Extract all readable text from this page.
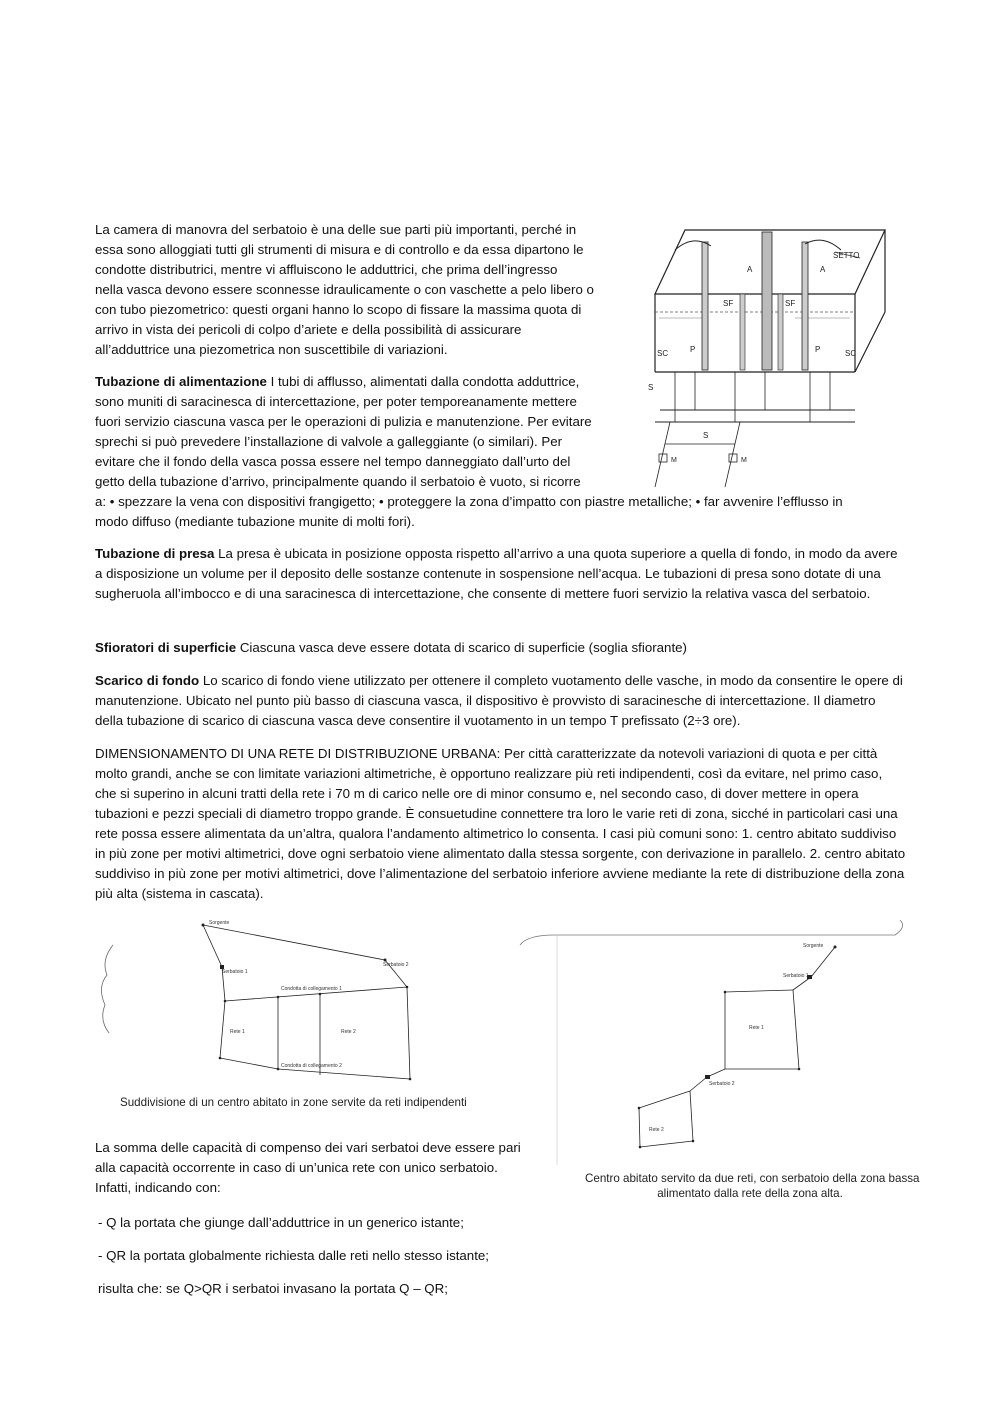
La camera di manovra del serbatoio è una delle sue parti più importanti, perché in

essa sono alloggiati tutti gli strumenti di misura e di controllo e da essa dipartono le

condotte distributrici, mentre vi affluiscono le adduttrici, che prima dell’ingresso

nella vasca devono essere sconnesse idraulicamente o con vaschette a pelo libero o

con tubo piezometrico: questi organi hanno lo scopo di fissare la massima quota di

arrivo in vista dei pericoli di colpo d’ariete e della possibilità di assicurare

all’adduttrice una piezometrica non suscettibile di variazioni.

Tubazione di alimentazione I tubi di afflusso, alimentati dalla condotta adduttrice,

sono muniti di saracinesca di intercettazione, per poter temporeanamente mettere

fuori servizio ciascuna vasca per le operazioni di pulizia e manutenzione. Per evitare

sprechi si può prevedere l’installazione di valvole a galleggiante (o similari). Per

evitare che il fondo della vasca possa essere nel tempo danneggiato dall’urto del

getto della tubazione d’arrivo, principalmente quando il serbatoio è vuoto, si ricorre

a: • spezzare la vena con dispositivi frangigetto; • proteggere la zona d’impatto con piastre metalliche; • far avvenire l’efflusso in

modo diffuso (mediante tubazione munite di molti fori).

SETTO
A	A
SF	SF
SC	SC
P	P
S
S
M	M
Tubazione di presa La presa è ubicata in posizione opposta rispetto all’arrivo a una quota superiore a quella di fondo, in modo da avere a disposizione un volume per il deposito delle sostanze contenute in sospensione nell’acqua. Le tubazioni di presa sono dotate di una sugheruola all’imbocco e di una saracinesca di intercettazione, che consente di mettere fuori servizio la relativa vasca del serbatoio.
Sfioratori di superficie Ciascuna vasca deve essere dotata di scarico di superficie (soglia sfiorante)
Scarico di fondo Lo scarico di fondo viene utilizzato per ottenere il completo vuotamento delle vasche, in modo da consentire le opere di manutenzione. Ubicato nel punto più basso di ciascuna vasca, il dispositivo è provvisto di saracinesche di intercettazione. Il diametro della tubazione di scarico di ciascuna vasca deve consentire il vuotamento in un tempo T prefissato (2÷3 ore).
DIMENSIONAMENTO DI UNA RETE DI DISTRIBUZIONE URBANA: Per città caratterizzate da notevoli variazioni di quota e per città molto grandi, anche se con limitate variazioni altimetriche, è opportuno realizzare più reti indipendenti, così da evitare, nel primo caso, che si superino in alcuni tratti della rete i 70 m di carico nelle ore di minor consumo e, nel secondo caso, di dover mettere in opera tubazioni e pezzi speciali di diametro troppo grande. È consuetudine connettere tra loro le varie reti di zona, sicché in particolari casi una rete possa essere alimentata da un’altra, qualora l’andamento altimetrico lo consenta. I casi più comuni sono: 1. centro abitato suddiviso in più zone per motivi altimetrici, dove ogni serbatoio viene alimentato dalla stessa sorgente, con derivazione in parallelo. 2. centro abitato suddiviso in più zone per motivi altimetrici, dove l’alimentazione del serbatoio inferiore avviene mediante la rete di distribuzione della zona più alta (sistema in cascata).
Sorgente
Serbatoio 1
Serbatoio 2
Condotta di collegamento 1
Condotta di collegamento 2
Rete 1	Rete 2
Suddivisione di un centro abitato in zone servite da reti indipendenti
Sorgente
Serbatoio 1
Serbatoio 2
Rete 1
Rete 2
Centro abitato servito da due reti, con serbatoio della zona bassa
alimentato dalla rete della zona alta.

La somma delle capacità di compenso dei vari serbatoi deve essere pari

alla capacità occorrente in caso di un’unica rete con unico serbatoio.

Infatti, indicando con:

- Q la portata che giunge dall’adduttrice in un generico istante;
- QR la portata globalmente richiesta dalle reti nello stesso istante;
risulta che: se Q>QR i serbatoi invasano la portata Q – QR;
